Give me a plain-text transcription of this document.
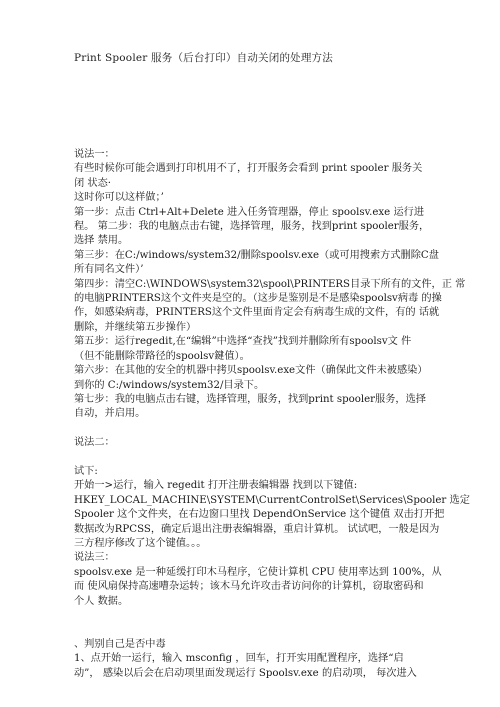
Print Spooler 服务（后台打印）自动关闭的处理方法
说法一：
有些时候你可能会遇到打印机用不了，打开服务会看到 print spooler 服务关
闭 状态·
这时你可以这样做；’
第一步：点击 Ctrl+Alt+Delete 进入任务管理器，停止 spoolsv.exe 运行进
程。 第二步：我的电脑点击右键，选择管理，服务，找到print spooler服务，
选择 禁用。
第三步：在C:/windows/system32/删除spoolsv.exe（或可用搜索方式删除C盘
所有同名文件）’
第四步：清空C:\WINDOWS\system32\spool\PRINTERS目录下所有的文件，正 常
的电脑PRINTERS这个文件夹是空的。（这步是鉴别是不是感染spoolsv病毒 的操
作，如感染病毒，PRINTERS这个文件里面肯定会有病毒生成的文件，有的 话就
删除，并继续第五步操作）
第五步：运行regedit,在“编辑”中选择“查找”找到并删除所有spoolsv文 件
（但不能删除带路径的spoolsv鍵值）。
第六步：在其他的安全的机器中拷贝spoolsv.exe文件（确保此文件未被感染）
到你的 C:/windows/system32/目录下。
第七步：我的电脑点击右键，选择管理，服务，找到print spooler服务，选择
自动，并启用。
说法二：
试下:
开始一>运行，输入 regedit 打开注册表编辑器 找到以下键值:
HKEY_LOCAL_MACHINE\SYSTEM\CurrentControlSet\Services\Spooler 选定
Spooler 这个文件夹，在右边窗口里找 DependOnService 这个键值 双击打开把
数据改为RPCSS，确定后退出注册表编辑器，重启计算机。 试试吧，一般是因为
三方程序修改了这个键值。。。
说法三：
spoolsv.exe 是一种延缓打印木马程序，它使计算机 CPU 使用率达到 100%，从
而 使风扇保持高速嘈杂运转；该木马允许攻击者访问你的计算机，窃取密码和
个人 数据。
、判别自己是否中毒
1、点开始一运行，输入 msconfig ，回车，打开实用配置程序，选择“启
动”， 感染以后会在启动项里面发现运行 Spoolsv.exe 的启动项， 每次进入
